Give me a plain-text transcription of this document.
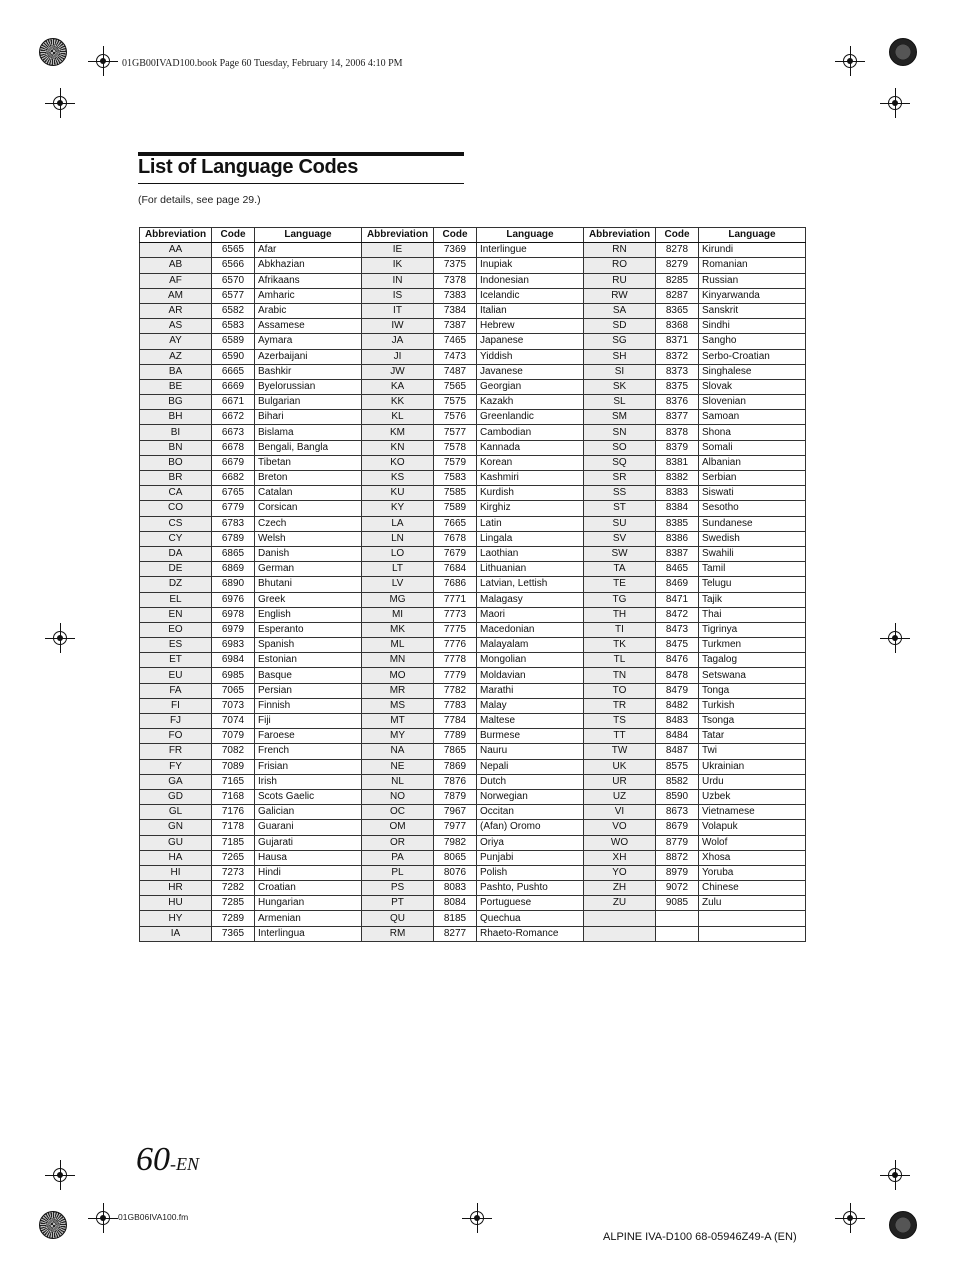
01GB00IVAD100.book Page 60 Tuesday, February 14, 2006 4:10 PM
List of Language Codes
(For details, see page 29.)
Abbreviation	Code	Language	Abbreviation	Code	Language	Abbreviation	Code	Language
AA	6565	Afar	IE	7369	Interlingue	RN	8278	Kirundi
AB	6566	Abkhazian	IK	7375	Inupiak	RO	8279	Romanian
AF	6570	Afrikaans	IN	7378	Indonesian	RU	8285	Russian
AM	6577	Amharic	IS	7383	Icelandic	RW	8287	Kinyarwanda
AR	6582	Arabic	IT	7384	Italian	SA	8365	Sanskrit
AS	6583	Assamese	IW	7387	Hebrew	SD	8368	Sindhi
AY	6589	Aymara	JA	7465	Japanese	SG	8371	Sangho
AZ	6590	Azerbaijani	JI	7473	Yiddish	SH	8372	Serbo-Croatian
BA	6665	Bashkir	JW	7487	Javanese	SI	8373	Singhalese
BE	6669	Byelorussian	KA	7565	Georgian	SK	8375	Slovak
BG	6671	Bulgarian	KK	7575	Kazakh	SL	8376	Slovenian
BH	6672	Bihari	KL	7576	Greenlandic	SM	8377	Samoan
BI	6673	Bislama	KM	7577	Cambodian	SN	8378	Shona
BN	6678	Bengali, Bangla	KN	7578	Kannada	SO	8379	Somali
BO	6679	Tibetan	KO	7579	Korean	SQ	8381	Albanian
BR	6682	Breton	KS	7583	Kashmiri	SR	8382	Serbian
CA	6765	Catalan	KU	7585	Kurdish	SS	8383	Siswati
CO	6779	Corsican	KY	7589	Kirghiz	ST	8384	Sesotho
CS	6783	Czech	LA	7665	Latin	SU	8385	Sundanese
CY	6789	Welsh	LN	7678	Lingala	SV	8386	Swedish
DA	6865	Danish	LO	7679	Laothian	SW	8387	Swahili
DE	6869	German	LT	7684	Lithuanian	TA	8465	Tamil
DZ	6890	Bhutani	LV	7686	Latvian, Lettish	TE	8469	Telugu
EL	6976	Greek	MG	7771	Malagasy	TG	8471	Tajik
EN	6978	English	MI	7773	Maori	TH	8472	Thai
EO	6979	Esperanto	MK	7775	Macedonian	TI	8473	Tigrinya
ES	6983	Spanish	ML	7776	Malayalam	TK	8475	Turkmen
ET	6984	Estonian	MN	7778	Mongolian	TL	8476	Tagalog
EU	6985	Basque	MO	7779	Moldavian	TN	8478	Setswana
FA	7065	Persian	MR	7782	Marathi	TO	8479	Tonga
FI	7073	Finnish	MS	7783	Malay	TR	8482	Turkish
FJ	7074	Fiji	MT	7784	Maltese	TS	8483	Tsonga
FO	7079	Faroese	MY	7789	Burmese	TT	8484	Tatar
FR	7082	French	NA	7865	Nauru	TW	8487	Twi
FY	7089	Frisian	NE	7869	Nepali	UK	8575	Ukrainian
GA	7165	Irish	NL	7876	Dutch	UR	8582	Urdu
GD	7168	Scots Gaelic	NO	7879	Norwegian	UZ	8590	Uzbek
GL	7176	Galician	OC	7967	Occitan	VI	8673	Vietnamese
GN	7178	Guarani	OM	7977	(Afan) Oromo	VO	8679	Volapuk
GU	7185	Gujarati	OR	7982	Oriya	WO	8779	Wolof
HA	7265	Hausa	PA	8065	Punjabi	XH	8872	Xhosa
HI	7273	Hindi	PL	8076	Polish	YO	8979	Yoruba
HR	7282	Croatian	PS	8083	Pashto, Pushto	ZH	9072	Chinese
HU	7285	Hungarian	PT	8084	Portuguese	ZU	9085	Zulu
HY	7289	Armenian	QU	8185	Quechua			
IA	7365	Interlingua	RM	8277	Rhaeto-Romance			
60-EN
01GB06IVA100.fm
ALPINE IVA-D100 68-05946Z49-A (EN)
